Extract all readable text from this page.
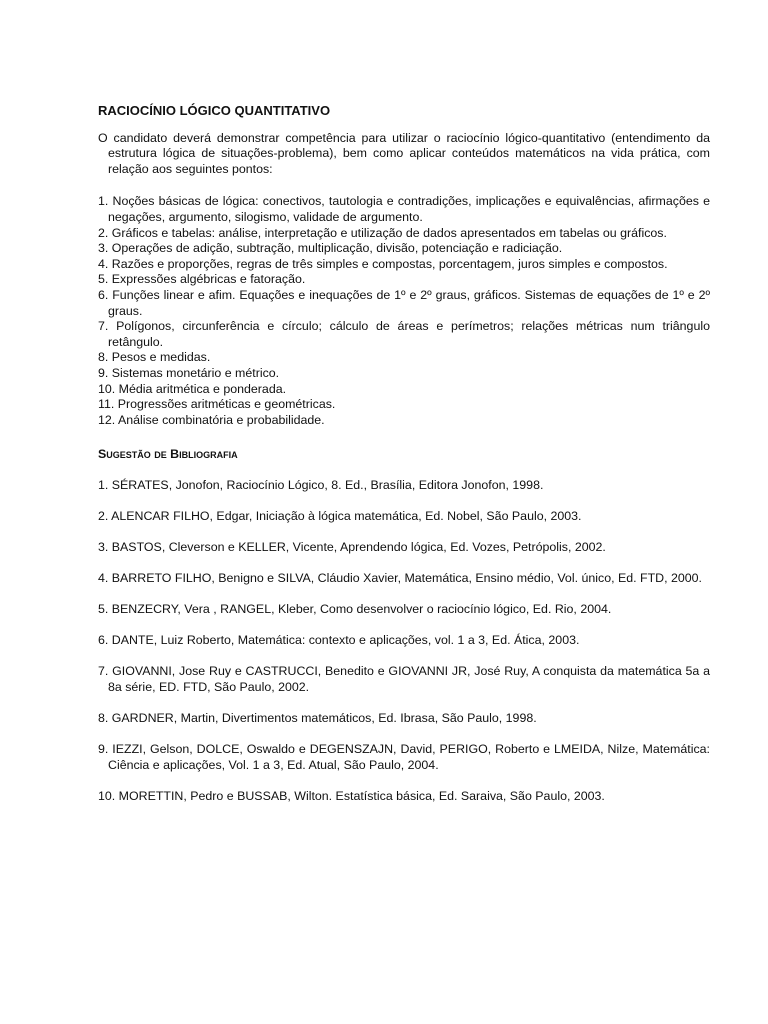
RACIOCÍNIO LÓGICO QUANTITATIVO

O candidato deverá demonstrar competência para utilizar o raciocínio lógico-quantitativo (entendimento da estrutura lógica de situações-problema), bem como aplicar conteúdos matemáticos na vida prática, com relação aos seguintes pontos:

1. Noções básicas de lógica: conectivos, tautologia e contradições, implicações e equivalências, afirmações e negações, argumento, silogismo, validade de argumento.
2. Gráficos e tabelas: análise, interpretação e utilização de dados apresentados em tabelas ou gráficos.
3. Operações de adição, subtração, multiplicação, divisão, potenciação e radiciação.
4. Razões e proporções, regras de três simples e compostas, porcentagem, juros simples e compostos.
5. Expressões algébricas e fatoração.
6. Funções linear e afim. Equações e inequações de 1º e 2º graus, gráficos. Sistemas de equações de 1º e 2º graus.
7. Polígonos, circunferência e círculo; cálculo de áreas e perímetros; relações métricas num triângulo retângulo.
8. Pesos e medidas.
9. Sistemas monetário e métrico.
10. Média aritmética e ponderada.
11. Progressões aritméticas e geométricas.
12. Análise combinatória e probabilidade.
Sugestão de Bibliografia
1. SÉRATES, Jonofon, Raciocínio Lógico, 8. Ed., Brasília, Editora Jonofon, 1998.
2. ALENCAR FILHO, Edgar, Iniciação à lógica matemática, Ed. Nobel, São Paulo, 2003.
3. BASTOS, Cleverson e KELLER, Vicente, Aprendendo lógica, Ed. Vozes, Petrópolis, 2002.
4. BARRETO FILHO, Benigno e SILVA, Cláudio Xavier, Matemática, Ensino médio, Vol. único, Ed. FTD, 2000.
5. BENZECRY, Vera , RANGEL, Kleber, Como desenvolver o raciocínio lógico, Ed. Rio, 2004.
6. DANTE, Luiz Roberto, Matemática: contexto e aplicações, vol. 1 a 3, Ed. Ática, 2003.
7. GIOVANNI, Jose Ruy e CASTRUCCI, Benedito e GIOVANNI JR, José Ruy, A conquista da matemática 5a a 8a série, ED. FTD, São Paulo, 2002.
8. GARDNER, Martin, Divertimentos matemáticos, Ed. Ibrasa, São Paulo, 1998.
9. IEZZI, Gelson, DOLCE, Oswaldo e DEGENSZAJN, David, PERIGO, Roberto e LMEIDA, Nilze, Matemática: Ciência e aplicações, Vol. 1 a 3, Ed. Atual, São Paulo, 2004.
10. MORETTIN, Pedro e BUSSAB, Wilton. Estatística básica, Ed. Saraiva, São Paulo, 2003.
